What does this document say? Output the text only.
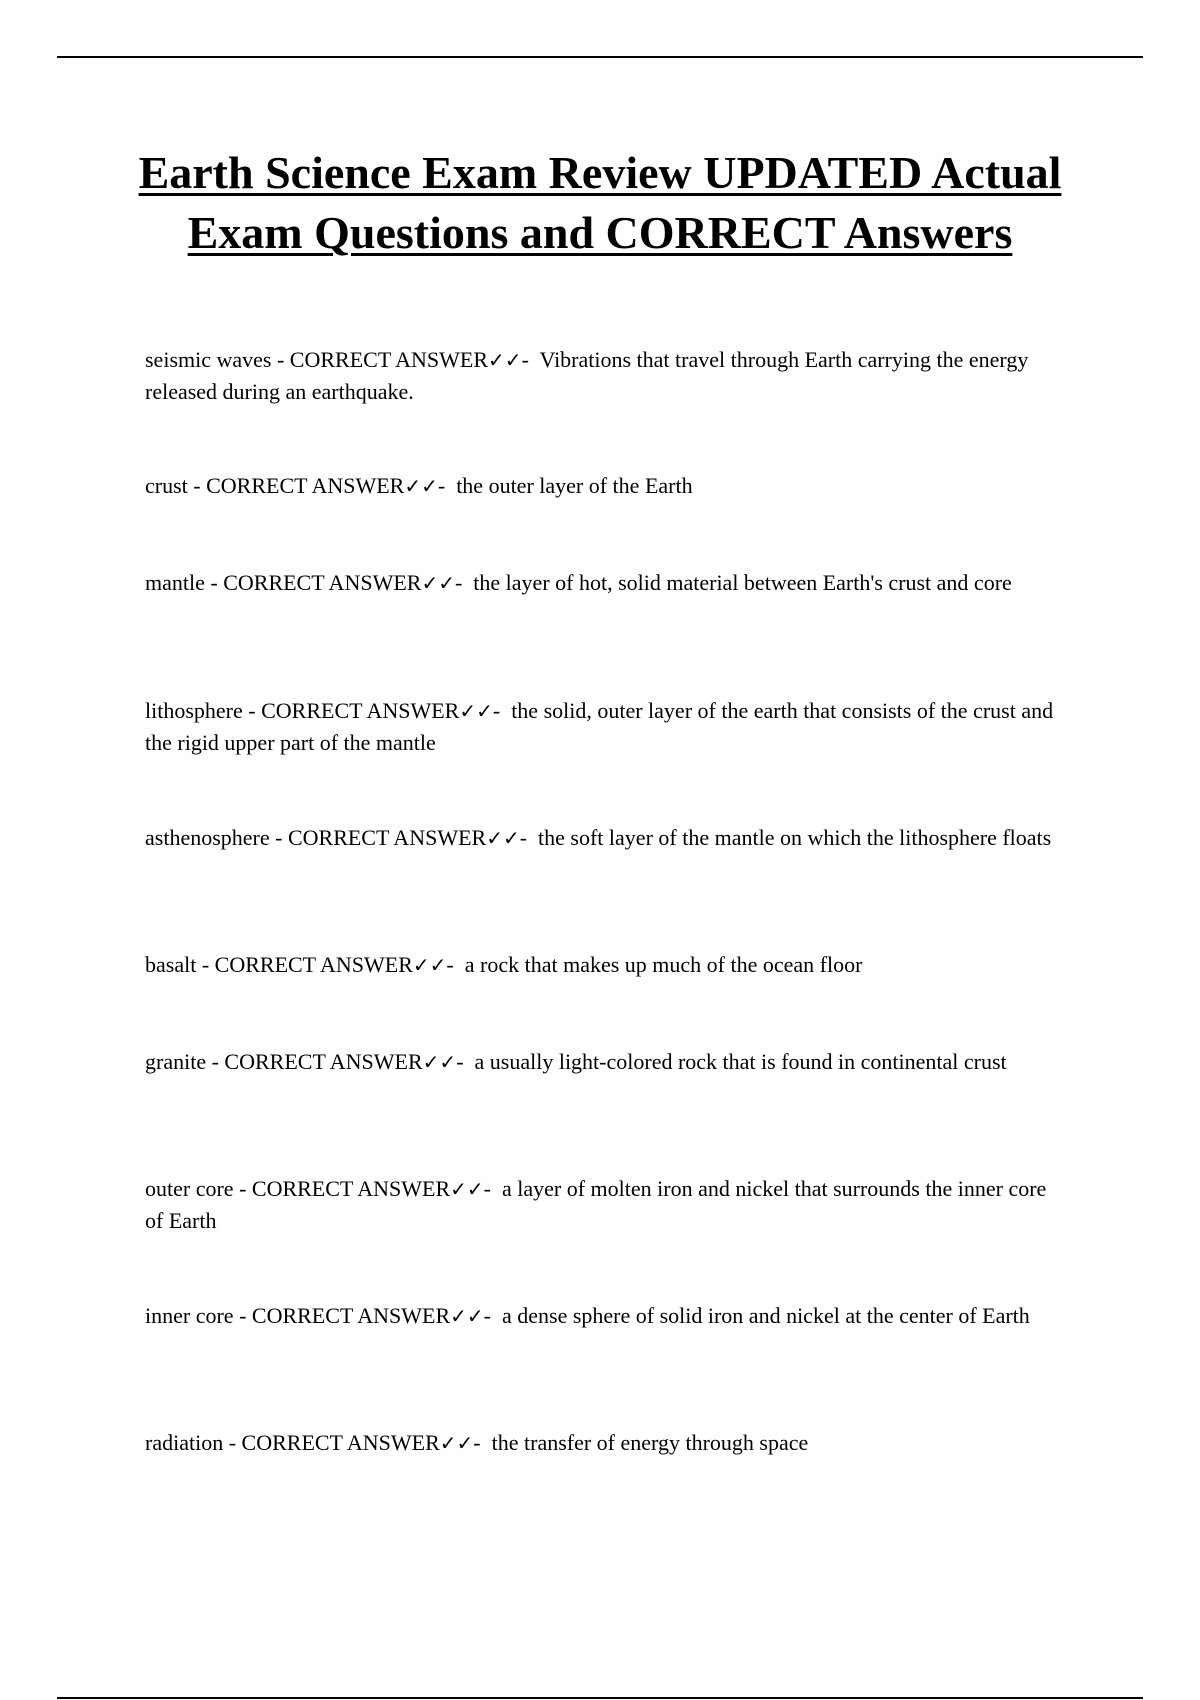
Earth Science Exam Review UPDATED Actual Exam Questions and CORRECT Answers

seismic waves - CORRECT ANSWER✓✓-  Vibrations that travel through Earth carrying the energy released during an earthquake.

crust - CORRECT ANSWER✓✓-  the outer layer of the Earth

mantle - CORRECT ANSWER✓✓-  the layer of hot, solid material between Earth's crust and core

lithosphere - CORRECT ANSWER✓✓-  the solid, outer layer of the earth that consists of the crust and the rigid upper part of the mantle

asthenosphere - CORRECT ANSWER✓✓-  the soft layer of the mantle on which the lithosphere floats

basalt - CORRECT ANSWER✓✓-  a rock that makes up much of the ocean floor

granite - CORRECT ANSWER✓✓-  a usually light-colored rock that is found in continental crust

outer core - CORRECT ANSWER✓✓-  a layer of molten iron and nickel that surrounds the inner core of Earth

inner core - CORRECT ANSWER✓✓-  a dense sphere of solid iron and nickel at the center of Earth

radiation - CORRECT ANSWER✓✓-  the transfer of energy through space
